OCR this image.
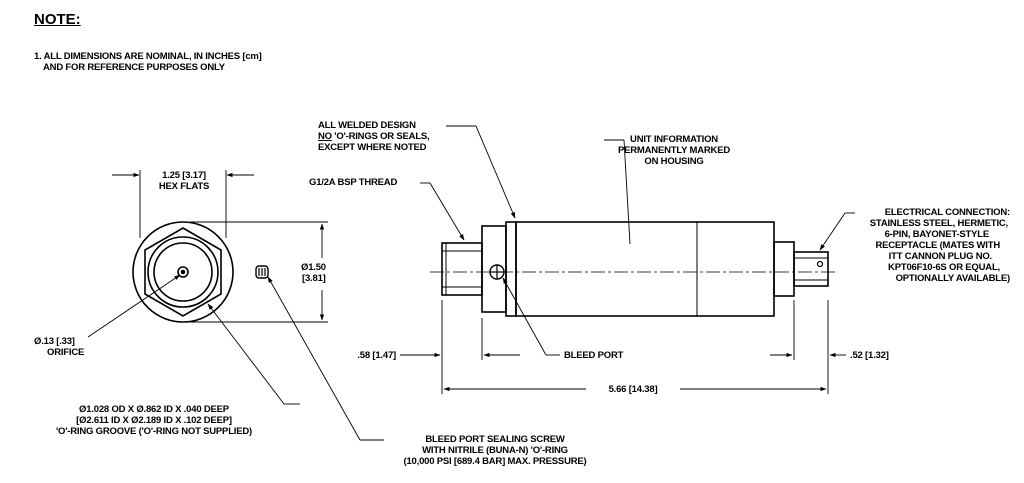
NOTE:
1. ALL DIMENSIONS ARE NOMINAL, IN INCHES [cm]
AND FOR REFERENCE PURPOSES ONLY
1.25 [3.17]
HEX FLATS
Ø1.50
[3.81]
Ø.13 [.33]
ORIFICE
Ø1.028 OD X Ø.862 ID X .040 DEEP
[Ø2.611 ID X Ø2.189 ID X .102 DEEP]
'O'-RING GROOVE ('O'-RING NOT SUPPLIED)
BLEED PORT SEALING SCREW
WITH NITRILE (BUNA-N) 'O'-RING
(10,000 PSI [689.4 BAR] MAX. PRESSURE)
ALL WELDED DESIGN
NO 'O'-RINGS OR SEALS,
EXCEPT WHERE NOTED
G1/2A BSP THREAD
UNIT INFORMATION
PERMANENTLY MARKED
ON HOUSING
ELECTRICAL CONNECTION:
STAINLESS STEEL, HERMETIC,
6-PIN, BAYONET-STYLE
RECEPTACLE (MATES WITH
ITT CANNON PLUG NO.
KPT06F10-6S OR EQUAL,
OPTIONALLY AVAILABLE)
BLEED PORT
.58 [1.47]	.52 [1.32]
5.66 [14.38]
